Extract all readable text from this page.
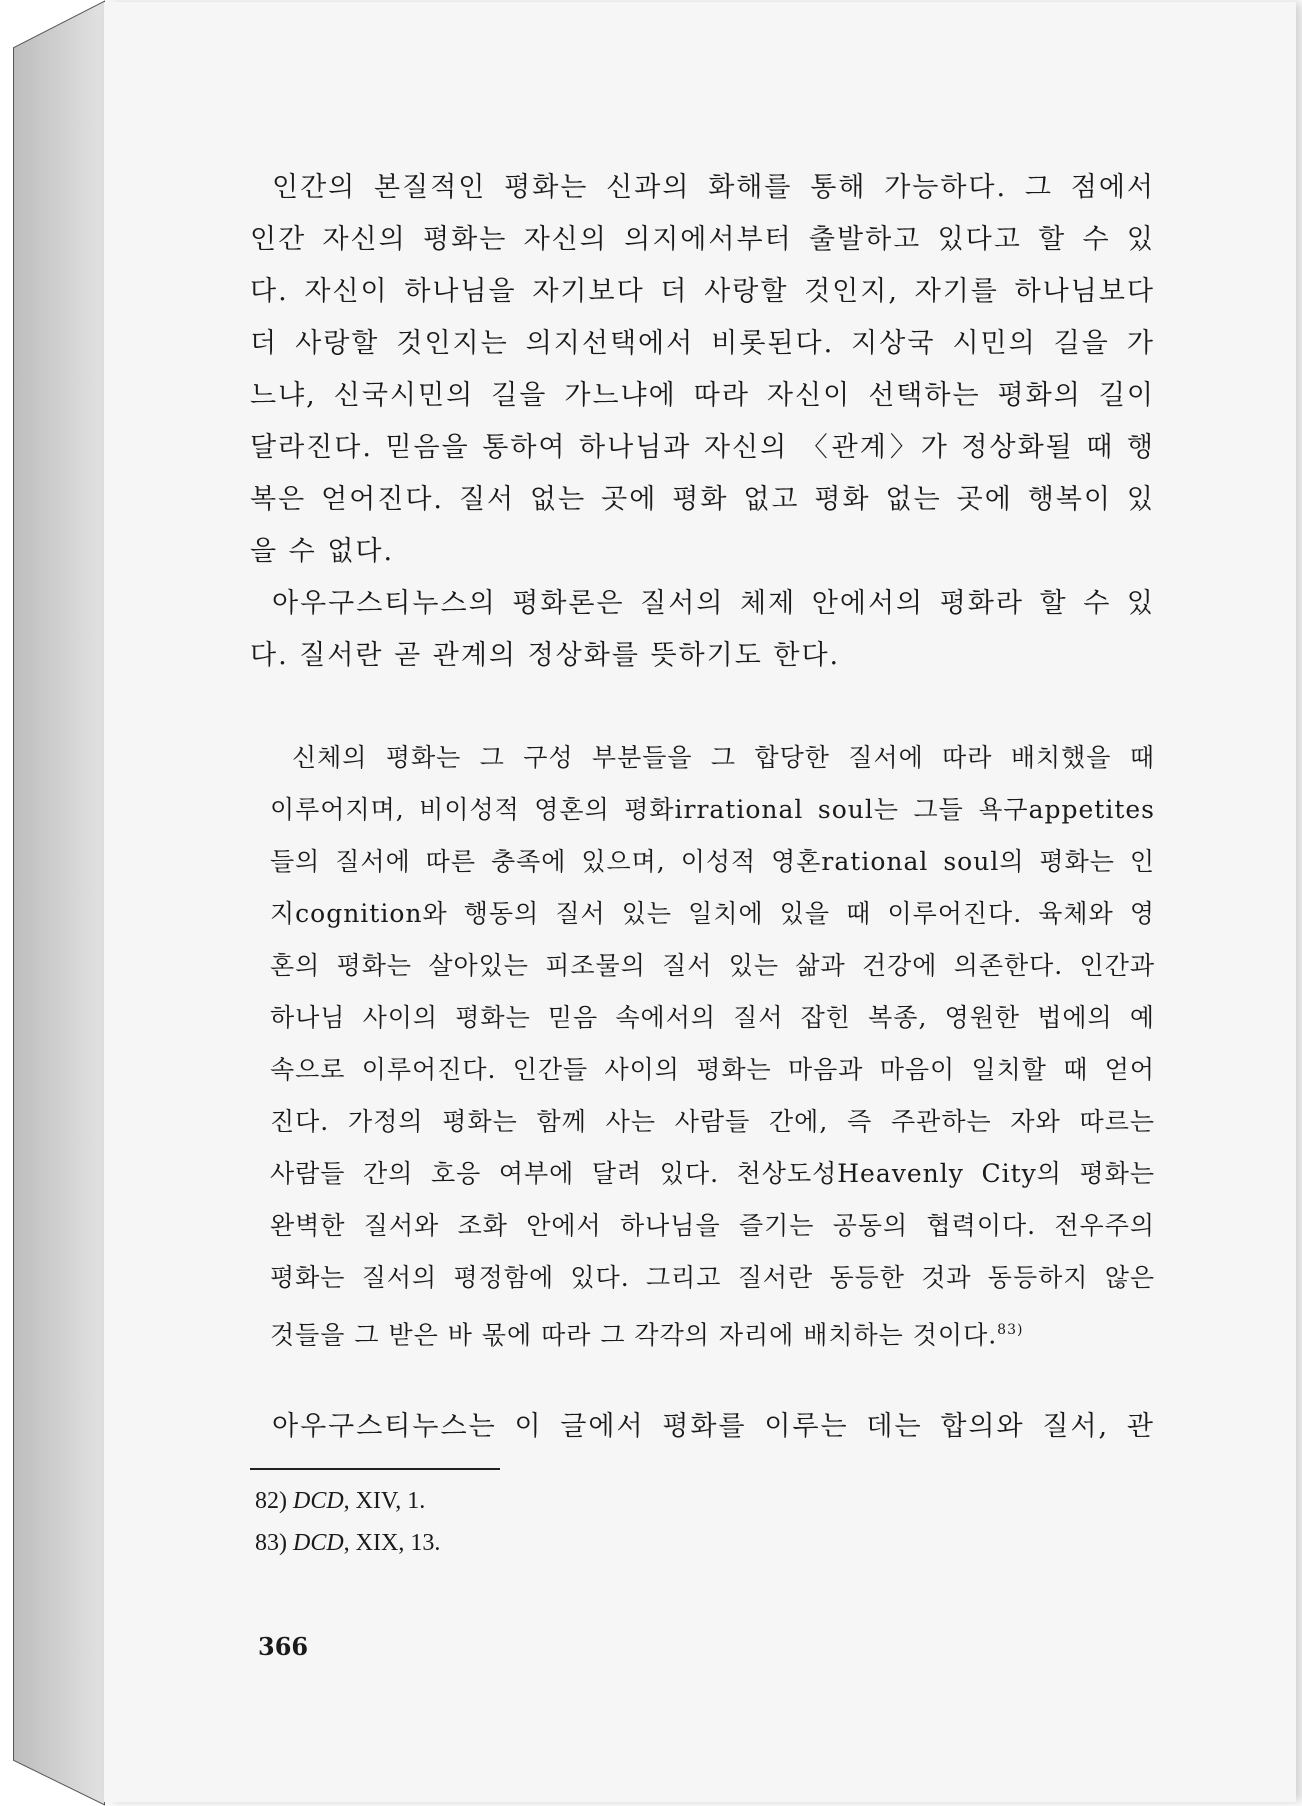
인간의 본질적인 평화는 신과의 화해를 통해 가능하다. 그 점에서
인간 자신의 평화는 자신의 의지에서부터 출발하고 있다고 할 수 있
다. 자신이 하나님을 자기보다 더 사랑할 것인지, 자기를 하나님보다
더 사랑할 것인지는 의지선택에서 비롯된다. 지상국 시민의 길을 가
느냐, 신국시민의 길을 가느냐에 따라 자신이 선택하는 평화의 길이
달라진다. 믿음을 통하여 하나님과 자신의 〈관계〉가 정상화될 때 행
복은 얻어진다. 질서 없는 곳에 평화 없고 평화 없는 곳에 행복이 있
을 수 없다.

아우구스티누스의 평화론은 질서의 체제 안에서의 평화라 할 수 있
다. 질서란 곧 관계의 정상화를 뜻하기도 한다.

신체의 평화는 그 구성 부분들을 그 합당한 질서에 따라 배치했을 때
이루어지며, 비이성적 영혼의 평화irrational soul는 그들 욕구appetites
들의 질서에 따른 충족에 있으며, 이성적 영혼rational soul의 평화는 인
지cognition와 행동의 질서 있는 일치에 있을 때 이루어진다. 육체와 영
혼의 평화는 살아있는 피조물의 질서 있는 삶과 건강에 의존한다. 인간과
하나님 사이의 평화는 믿음 속에서의 질서 잡힌 복종, 영원한 법에의 예
속으로 이루어진다. 인간들 사이의 평화는 마음과 마음이 일치할 때 얻어
진다. 가정의 평화는 함께 사는 사람들 간에, 즉 주관하는 자와 따르는
사람들 간의 호응 여부에 달려 있다. 천상도성Heavenly City의 평화는
완벽한 질서와 조화 안에서 하나님을 즐기는 공동의 협력이다. 전우주의
평화는 질서의 평정함에 있다. 그리고 질서란 동등한 것과 동등하지 않은
것들을 그 받은 바 몫에 따라 그 각각의 자리에 배치하는 것이다.$^{83)}$

아우구스티누스는 이 글에서 평화를 이루는 데는 합의와 질서, 관

82) DCD, XIV, 1.
83) DCD, XIX, 13.
366
